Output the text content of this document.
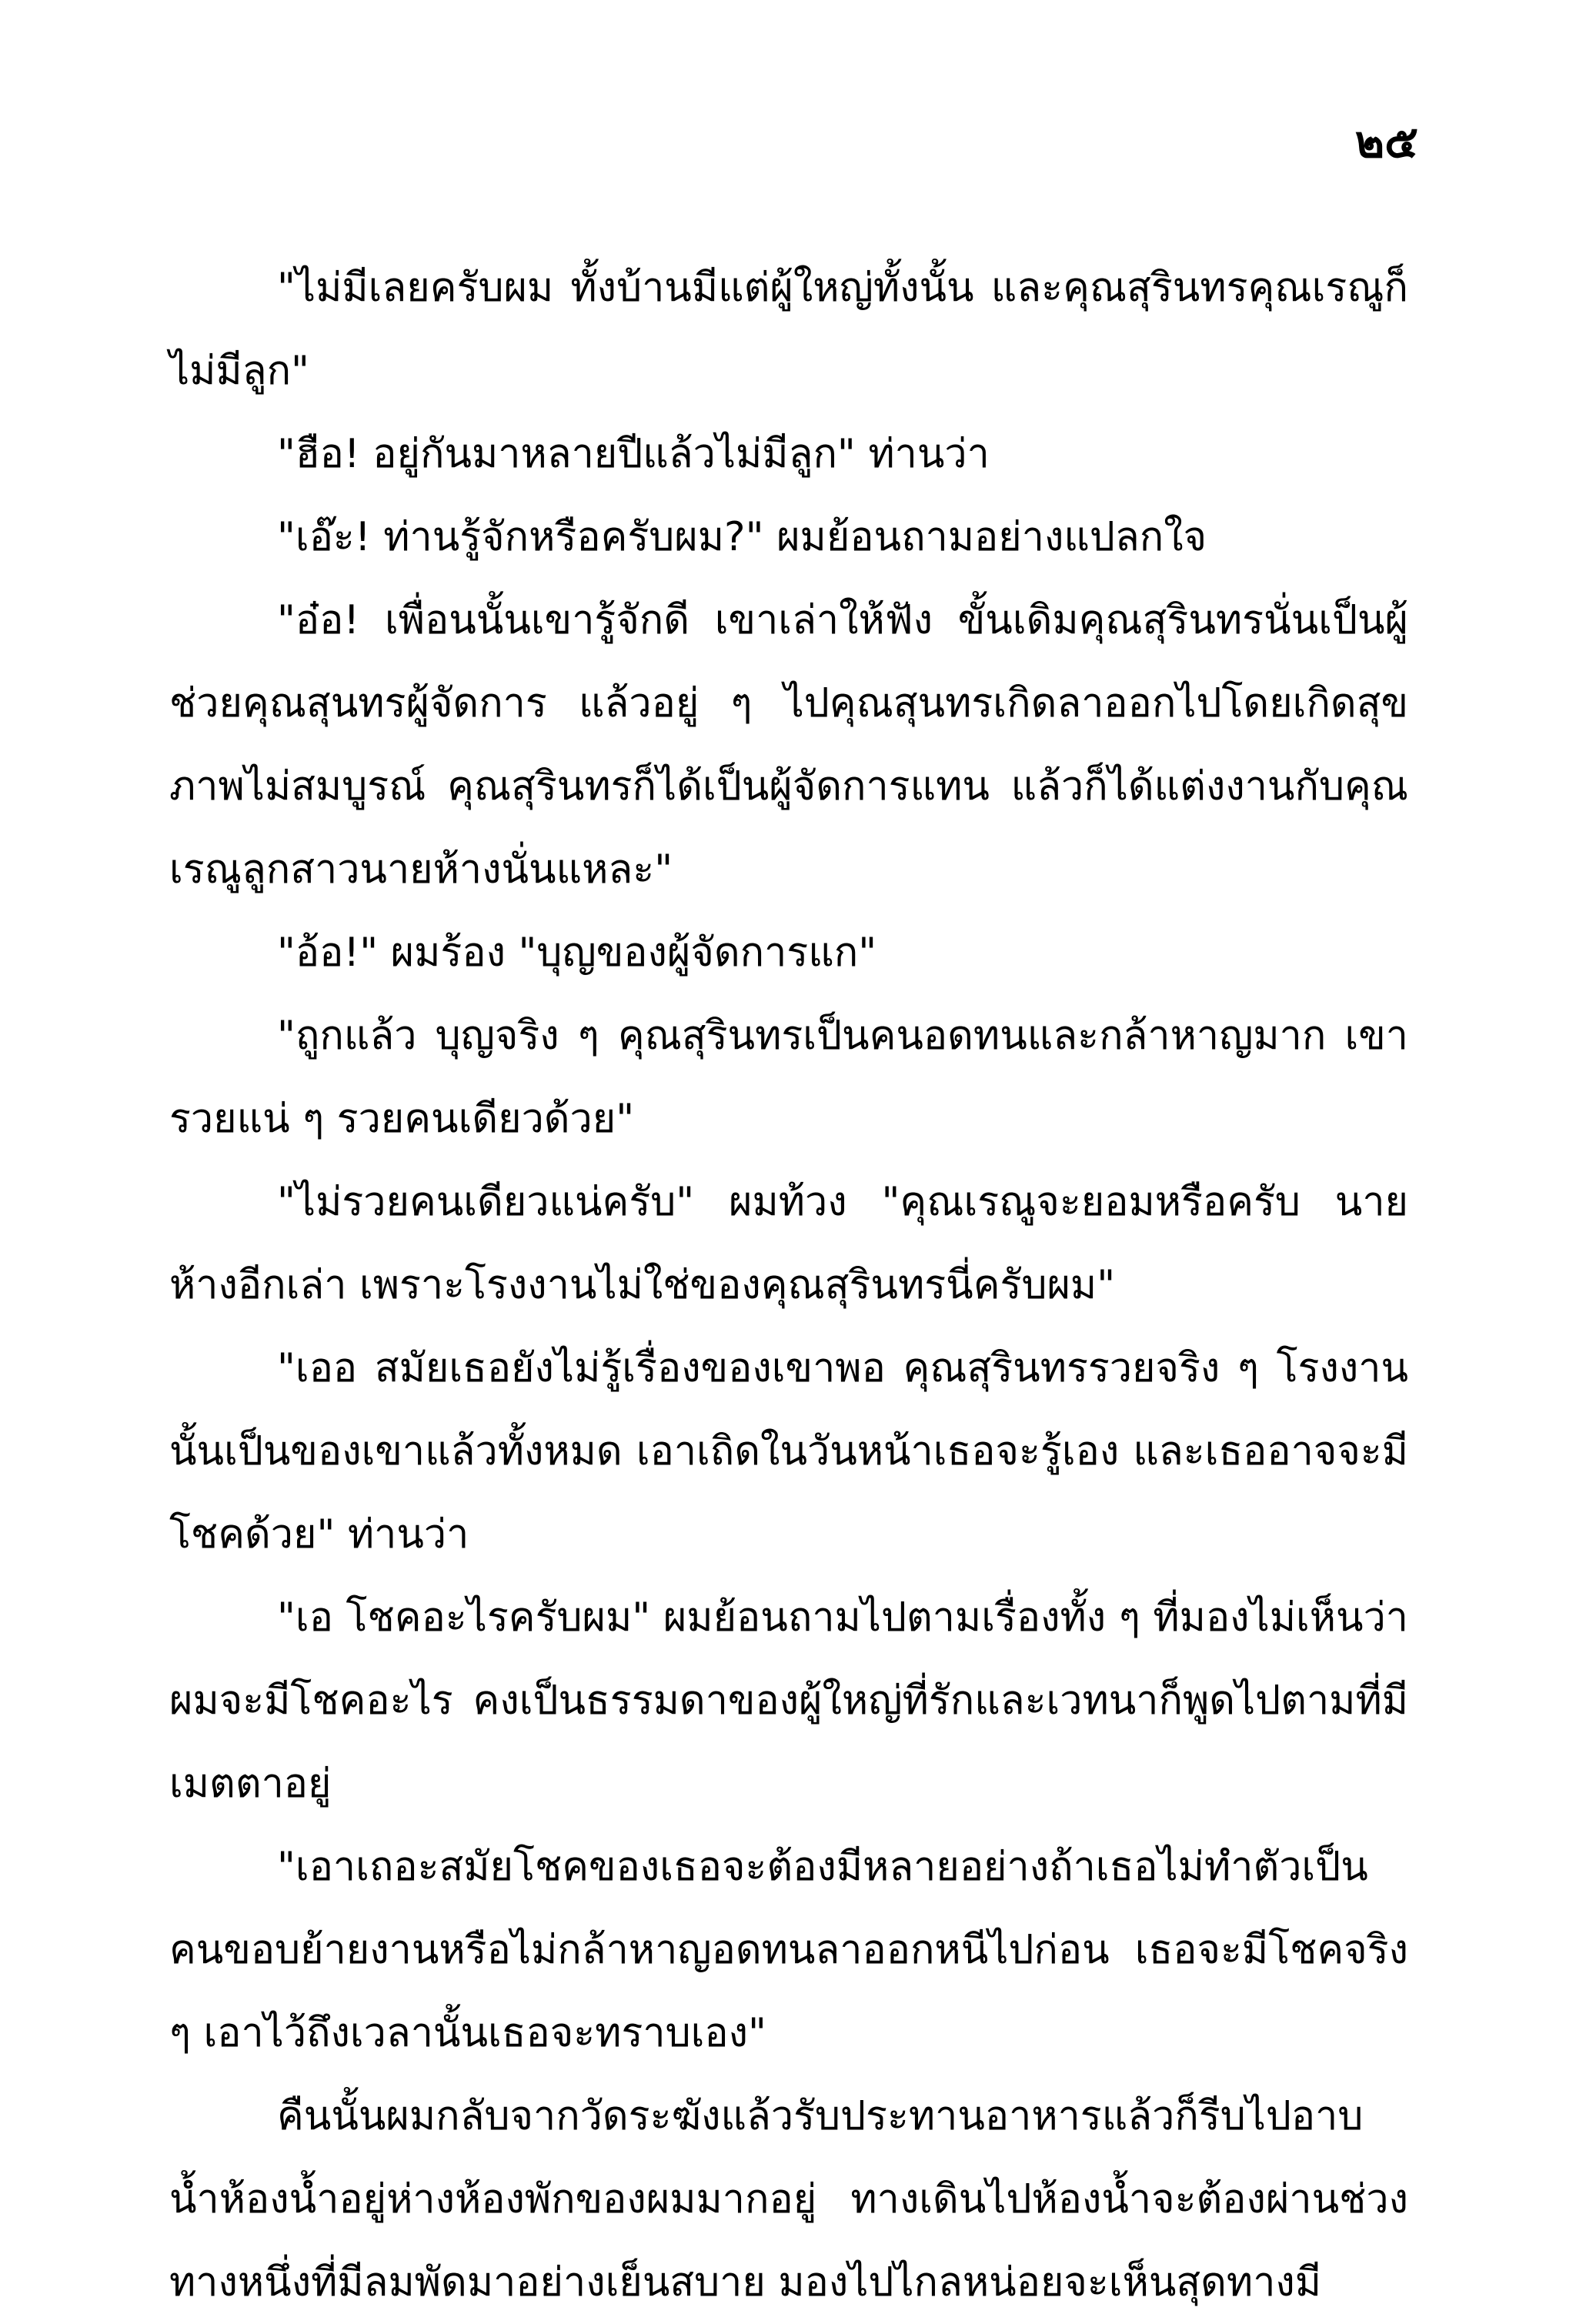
๒๕

"ไม่มีเลยครับผม ทั้งบ้านมีแต่ผู้ใหญ่ทั้งนั้น และคุณสุรินทรคุณเรณูก็ไม่มีลูก"

"ฮือ! อยู่กันมาหลายปีแล้วไม่มีลูก" ท่านว่า

"เอ๊ะ! ท่านรู้จักหรือครับผม?" ผมย้อนถามอย่างแปลกใจ

"อ๋อ! เพื่อนนั้นเขารู้จักดี เขาเล่าให้ฟัง ขั้นเดิมคุณสุรินทรนั่นเป็นผู้ช่วยคุณสุนทรผู้จัดการ แล้วอยู่ ๆ ไปคุณสุนทรเกิดลาออกไปโดยเกิดสุขภาพไม่สมบูรณ์ คุณสุรินทรก็ได้เป็นผู้จัดการแทน แล้วก็ได้แต่งงานกับคุณเรณูลูกสาวนายห้างนั่นแหละ"

"อ้อ!" ผมร้อง "บุญของผู้จัดการแก"

"ถูกแล้ว บุญจริง ๆ คุณสุรินทรเป็นคนอดทนและกล้าหาญมาก เขารวยแน่ ๆ รวยคนเดียวด้วย"

"ไม่รวยคนเดียวแน่ครับ" ผมท้วง "คุณเรณูจะยอมหรือครับ นายห้างอีกเล่า เพราะโรงงานไม่ใช่ของคุณสุรินทรนี่ครับผม"

"เออ สมัยเธอยังไม่รู้เรื่องของเขาพอ คุณสุรินทรรวยจริง ๆ โรงงานนั้นเป็นของเขาแล้วทั้งหมด เอาเถิดในวันหน้าเธอจะรู้เอง และเธออาจจะมีโชคด้วย" ท่านว่า

"เอ โชคอะไรครับผม" ผมย้อนถามไปตามเรื่องทั้ง ๆ ที่มองไม่เห็นว่าผมจะมีโชคอะไร คงเป็นธรรมดาของผู้ใหญ่ที่รักและเวทนาก็พูดไปตามที่มีเมตตาอยู่

"เอาเถอะสมัยโชคของเธอจะต้องมีหลายอย่างถ้าเธอไม่ทำตัวเป็นคนขอบย้ายงานหรือไม่กล้าหาญอดทนลาออกหนีไปก่อน เธอจะมีโชคจริง ๆ เอาไว้ถึงเวลานั้นเธอจะทราบเอง"

คืนนั้นผมกลับจากวัดระฆังแล้วรับประทานอาหารแล้วก็รีบไปอาบน้ำห้องน้ำอยู่ห่างห้องพักของผมมากอยู่ ทางเดินไปห้องน้ำจะต้องผ่านช่วงทางหนึ่งที่มีลมพัดมาอย่างเย็นสบาย มองไปไกลหน่อยจะเห็นสุดทางมี
